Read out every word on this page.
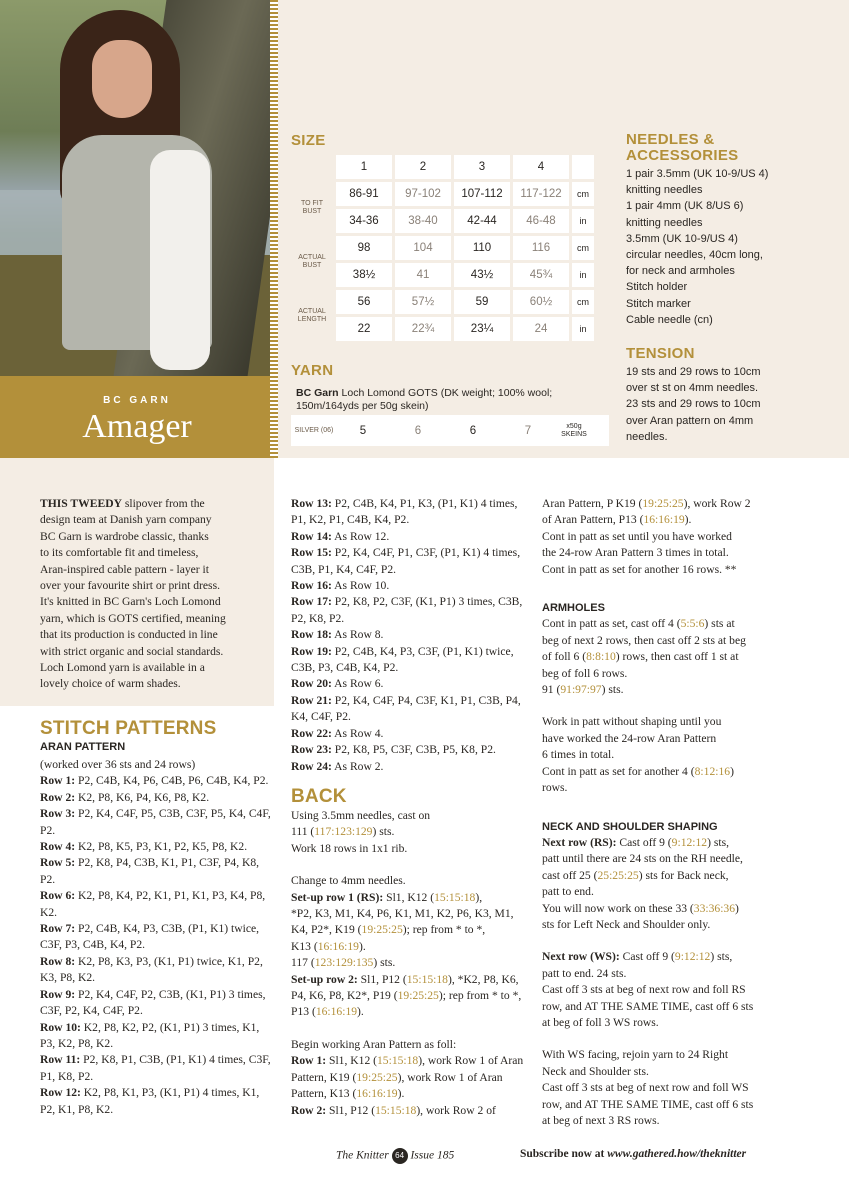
BC GARN
Amager
SIZE
	1	2	3	4	
TO FIT BUST	86-91	97-102	107-112	117-122	cm
	34-36	38-40	42-44	46-48	in
ACTUAL BUST	98	104	110	116	cm
	38½	41	43½	45¾	in
ACTUAL LENGTH	56	57½	59	60½	cm
	22	22¾	23¼	24	in
YARN
BC Garn Loch Lomond GOTS (DK weight; 100% wool; 150m/164yds per 50g skein)
SILVER (06)	5	6	6	7	x50g SKEINS
NEEDLES & ACCESSORIES
1 pair 3.5mm (UK 10-9/US 4)
knitting needles
1 pair 4mm (UK 8/US 6)
knitting needles
3.5mm (UK 10-9/US 4)
circular needles, 40cm long,
for neck and armholes
Stitch holder
Stitch marker
Cable needle (cn)
TENSION
19 sts and 29 rows to 10cm
over st st on 4mm needles.
23 sts and 29 rows to 10cm
over Aran pattern on 4mm
needles.

THIS TWEEDY slipover from the

design team at Danish yarn company

BC Garn is wardrobe classic, thanks

to its comfortable fit and timeless,

Aran-inspired cable pattern - layer it

over your favourite shirt or print dress.

It's knitted in BC Garn's Loch Lomond

yarn, which is GOTS certified, meaning

that its production is conducted in line

with strict organic and social standards.

Loch Lomond yarn is available in a

lovely choice of warm shades.

STITCH PATTERNS
ARAN PATTERN

(worked over 36 sts and 24 rows)

Row 1: P2, C4B, K4, P6, C4B, P6, C4B, K4, P2.

Row 2: K2, P8, K6, P4, K6, P8, K2.

Row 3: P2, K4, C4F, P5, C3B, C3F, P5, K4, C4F, P2.

Row 4: K2, P8, K5, P3, K1, P2, K5, P8, K2.

Row 5: P2, K8, P4, C3B, K1, P1, C3F, P4, K8, P2.

Row 6: K2, P8, K4, P2, K1, P1, K1, P3, K4, P8, K2.

Row 7: P2, C4B, K4, P3, C3B, (P1, K1) twice, C3F, P3, C4B, K4, P2.

Row 8: K2, P8, K3, P3, (K1, P1) twice, K1, P2, K3, P8, K2.

Row 9: P2, K4, C4F, P2, C3B, (K1, P1) 3 times, C3F, P2, K4, C4F, P2.

Row 10: K2, P8, K2, P2, (K1, P1) 3 times, K1, P3, K2, P8, K2.

Row 11: P2, K8, P1, C3B, (P1, K1) 4 times, C3F, P1, K8, P2.

Row 12: K2, P8, K1, P3, (K1, P1) 4 times, K1, P2, K1, P8, K2.

Row 13: P2, C4B, K4, P1, K3, (P1, K1) 4 times, P1, K2, P1, C4B, K4, P2.

Row 14: As Row 12.

Row 15: P2, K4, C4F, P1, C3F, (P1, K1) 4 times, C3B, P1, K4, C4F, P2.

Row 16: As Row 10.

Row 17: P2, K8, P2, C3F, (K1, P1) 3 times, C3B, P2, K8, P2.

Row 18: As Row 8.

Row 19: P2, C4B, K4, P3, C3F, (P1, K1) twice, C3B, P3, C4B, K4, P2.

Row 20: As Row 6.

Row 21: P2, K4, C4F, P4, C3F, K1, P1, C3B, P4, K4, C4F, P2.

Row 22: As Row 4.

Row 23: P2, K8, P5, C3F, C3B, P5, K8, P2.

Row 24: As Row 2.

BACK

Using 3.5mm needles, cast on

111 (117:123:129) sts.

Work 18 rows in 1x1 rib.

Change to 4mm needles.

Set-up row 1 (RS): Sl1, K12 (15:15:18),
*P2, K3, M1, K4, P6, K1, M1, K2, P6, K3, M1, K4, P2*, K19 (19:25:25); rep from * to *,
K13 (16:16:19).
117 (123:129:135) sts.

Set-up row 2: Sl1, P12 (15:15:18), *K2, P8, K6, P4, K6, P8, K2*, P19 (19:25:25); rep from * to *, P13 (16:16:19).

Begin working Aran Pattern as foll:

Row 1: Sl1, K12 (15:15:18), work Row 1 of Aran Pattern, K19 (19:25:25), work Row 1 of Aran Pattern, K13 (16:16:19).

Row 2: Sl1, P12 (15:15:18), work Row 2 of

Aran Pattern, P K19 (19:25:25), work Row 2

of Aran Pattern, P13 (16:16:19).

Cont in patt as set until you have worked

the 24-row Aran Pattern 3 times in total.

Cont in patt as set for another 16 rows. **

ARMHOLES

Cont in patt as set, cast off 4 (5:5:6) sts at

beg of next 2 rows, then cast off 2 sts at beg

of foll 6 (8:8:10) rows, then cast off 1 st at

beg of foll 6 rows.

91 (91:97:97) sts.

Work in patt without shaping until you

have worked the 24-row Aran Pattern

6 times in total.

Cont in patt as set for another 4 (8:12:16)

rows.

NECK AND SHOULDER SHAPING

Next row (RS): Cast off 9 (9:12:12) sts,

patt until there are 24 sts on the RH needle,

cast off 25 (25:25:25) sts for Back neck,

patt to end.

You will now work on these 33 (33:36:36)

sts for Left Neck and Shoulder only.

Next row (WS): Cast off 9 (9:12:12) sts,

patt to end. 24 sts.

Cast off 3 sts at beg of next row and foll RS

row, and AT THE SAME TIME, cast off 6 sts

at beg of foll 3 WS rows.

With WS facing, rejoin yarn to 24 Right

Neck and Shoulder sts.

Cast off 3 sts at beg of next row and foll WS

row, and AT THE SAME TIME, cast off 6 sts

at beg of next 3 RS rows.

The Knitter 64 Issue 185	Subscribe now at www.gathered.how/theknitter
